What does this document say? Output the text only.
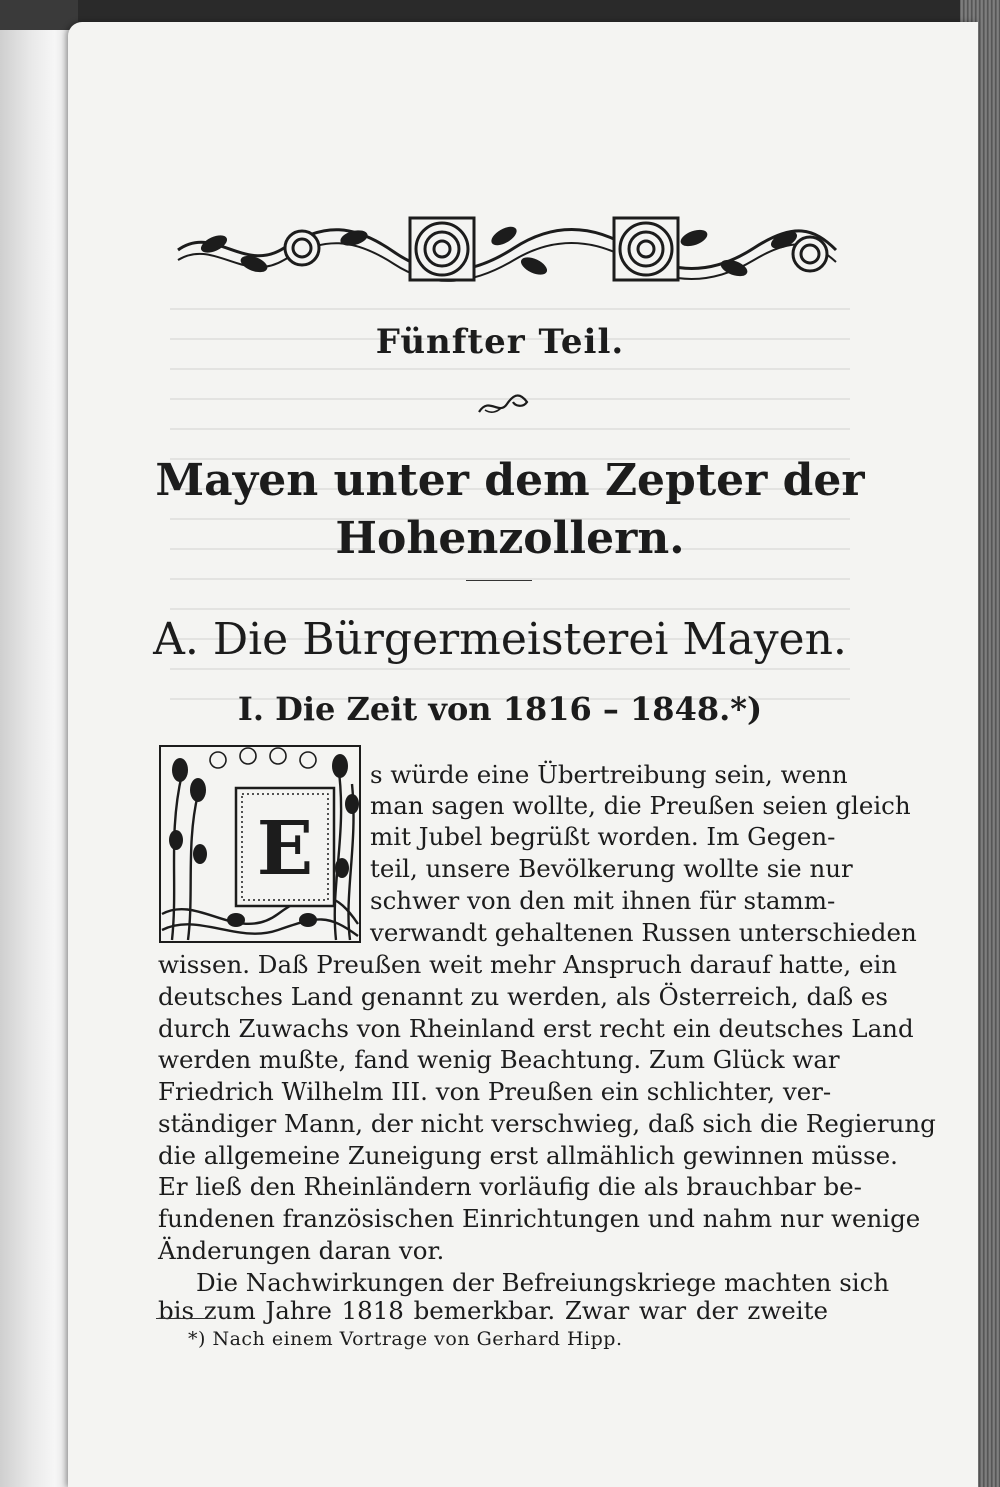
Fünfter Teil.
Mayen unter dem Zepter der
Hohenzollern.
A. Die Bürgermeisterei Mayen.
I. Die Zeit von 1816 – 1848.*)
E
s würde eine Übertreibung sein, wenn
man sagen wollte, die Preußen seien gleich
mit Jubel begrüßt worden. Im Gegen-
teil, unsere Bevölkerung wollte sie nur
schwer von den mit ihnen für stamm-
verwandt gehaltenen Russen unterschieden
wissen. Daß Preußen weit mehr Anspruch darauf hatte, ein
deutsches Land genannt zu werden, als Österreich, daß es
durch Zuwachs von Rheinland erst recht ein deutsches Land
werden mußte, fand wenig Beachtung. Zum Glück war
Friedrich Wilhelm III. von Preußen ein schlichter, ver-
ständiger Mann, der nicht verschwieg, daß sich die Regierung
die allgemeine Zuneigung erst allmählich gewinnen müsse.
Er ließ den Rheinländern vorläufig die als brauchbar be-
fundenen französischen Einrichtungen und nahm nur wenige
Änderungen daran vor.
Die Nachwirkungen der Befreiungskriege machten sich
bis zum Jahre 1818 bemerkbar. Zwar war der zweite
*) Nach einem Vortrage von Gerhard Hipp.
